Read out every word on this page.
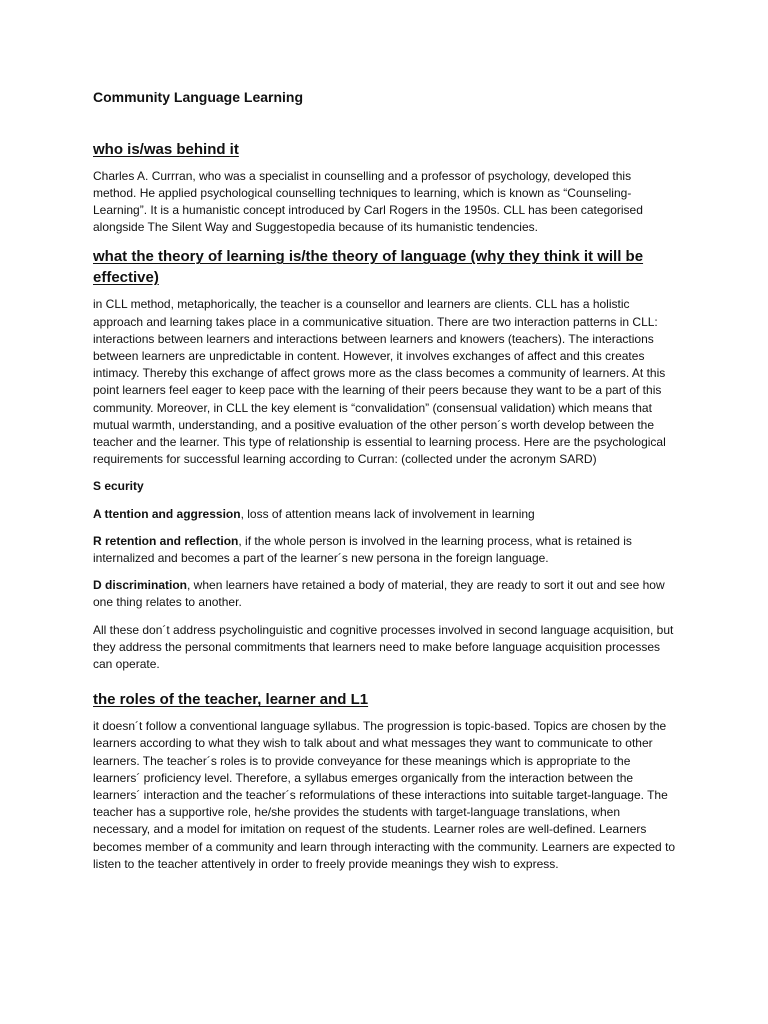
Community Language Learning
who is/was behind it

Charles A. Currran, who was a specialist in counselling and a professor of psychology, developed this method. He applied psychological counselling techniques to learning, which is known as “Counseling-Learning”. It is a humanistic concept introduced by Carl Rogers in the 1950s. CLL has been categorised alongside The Silent Way and Suggestopedia because of its humanistic tendencies.

what the theory of learning is/the theory of language (why they think it will be effective)

in CLL method, metaphorically, the teacher is a counsellor and learners are clients. CLL has a holistic approach and learning takes place in a communicative situation. There are two interaction patterns in CLL: interactions between learners and interactions between learners and knowers (teachers). The interactions between learners are unpredictable in content. However, it involves exchanges of affect and this creates intimacy. Thereby this exchange of affect grows more as the class becomes a community of learners. At this point learners feel eager to keep pace with the learning of their peers because they want to be a part of this community. Moreover, in CLL the key element is “convalidation” (consensual validation) which means that mutual warmth, understanding, and a positive evaluation of the other person´s worth develop between the teacher and the learner. This type of relationship is essential to learning process. Here are the psychological requirements for successful learning according to Curran: (collected under the acronym SARD)

S ecurity

A ttention and aggression, loss of attention means lack of involvement in learning

R retention and reflection, if the whole person is involved in the learning process, what is retained is internalized and becomes a part of the learner´s new persona in the foreign language.

D discrimination, when learners have retained a body of material, they are ready to sort it out and see how one thing relates to another.

All these don´t address psycholinguistic and cognitive processes involved in second language acquisition, but they address the personal commitments that learners need to make before language acquisition processes can operate.

the roles of the teacher, learner and L1

it doesn´t follow a conventional language syllabus. The progression is topic-based. Topics are chosen by the learners according to what they wish to talk about and what messages they want to communicate to other learners. The teacher´s roles is to provide conveyance for these meanings which is appropriate to the learners´ proficiency level. Therefore, a syllabus emerges organically from the interaction between the learners´ interaction and the teacher´s reformulations of these interactions into suitable target-language. The teacher has a supportive role, he/she provides the students with target-language translations, when necessary, and a model for imitation on request of the students. Learner roles are well-defined. Learners becomes member of a community and learn through interacting with the community. Learners are expected to listen to the teacher attentively in order to freely provide meanings they wish to express.
